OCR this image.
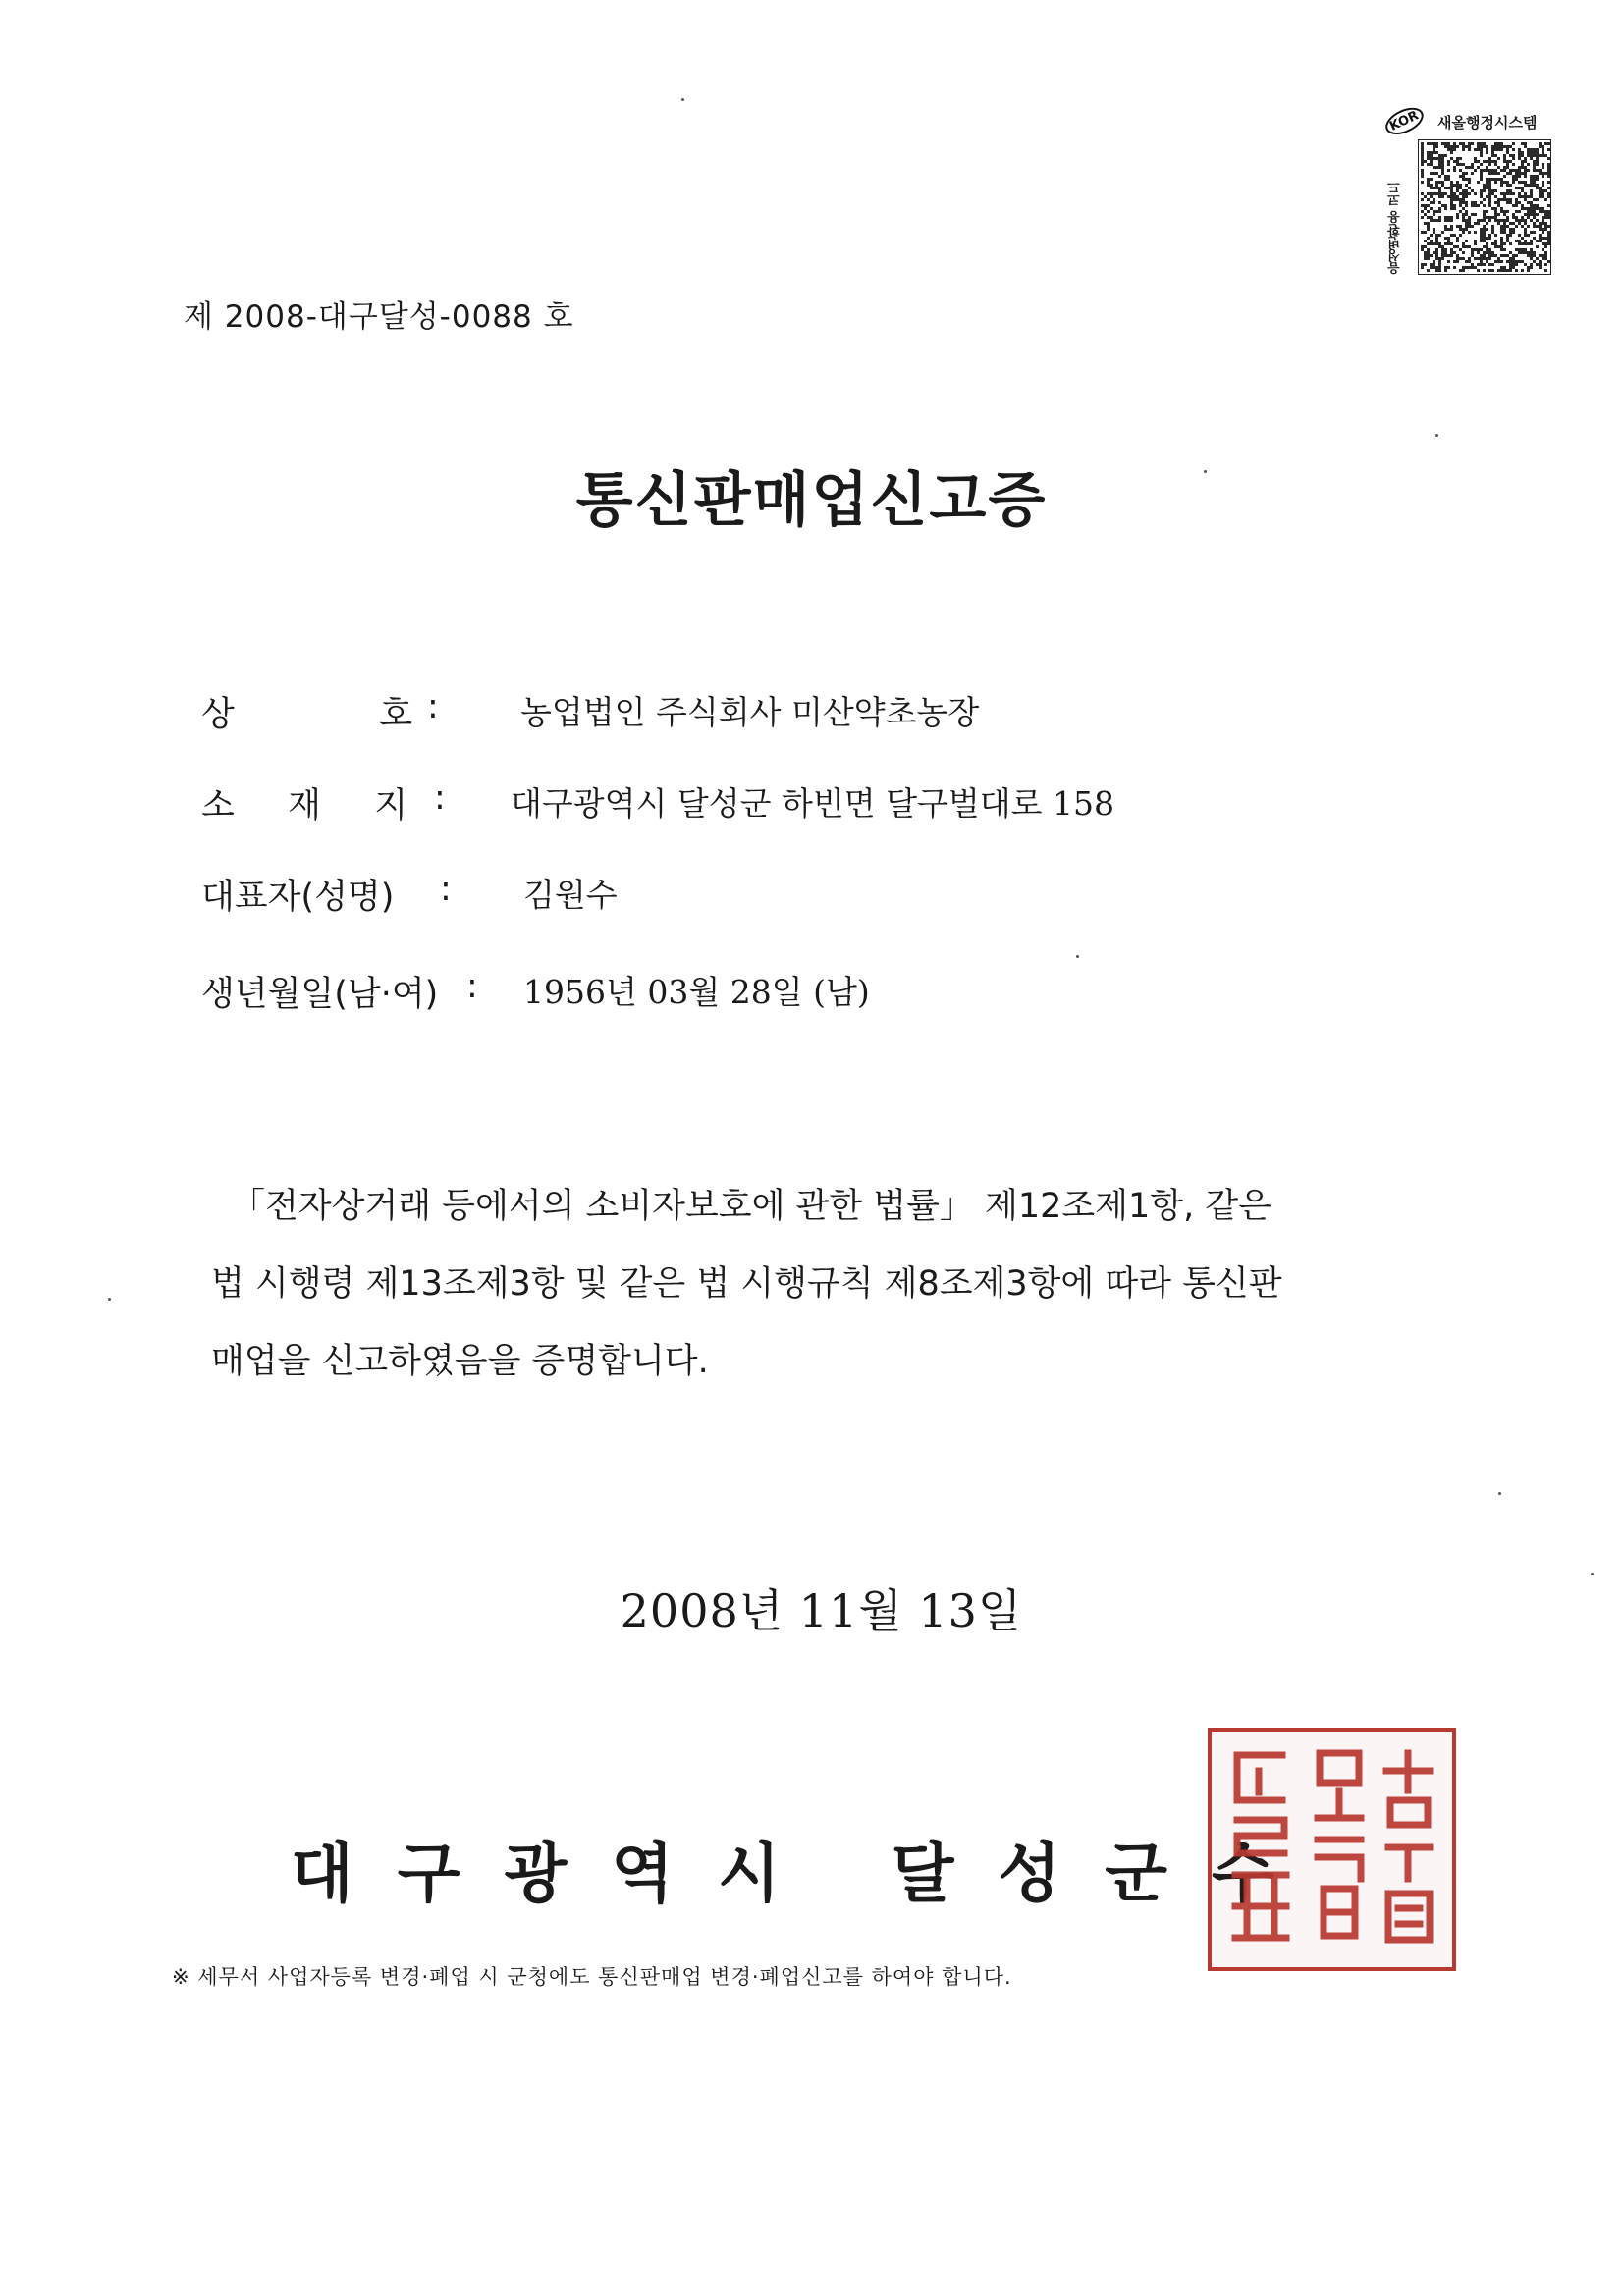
제 2008-대구달성-0088 호
KOR	새올행정시스템
음성변환용 코드
통신판매업신고증
상	호 :	농업법인 주식회사 미산약초농장
소 재 지 : 대구광역시 달성군 하빈면 달구벌대로 158
대표자(성명)	: 김원수
생년월일(남·여) : 1956년 03월 28일 (남)

「전자상거래 등에서의 소비자보호에 관한 법률」 제12조제1항, 같은

법 시행령 제13조제3항 및 같은 법 시행규칙 제8조제3항에 따라 통신판

매업을 신고하였음을 증명합니다.

2008년 11월 13일
대구광역시 달성군수
※ 세무서 사업자등록 변경·폐업 시 군청에도 통신판매업 변경·폐업신고를 하여야 합니다.
